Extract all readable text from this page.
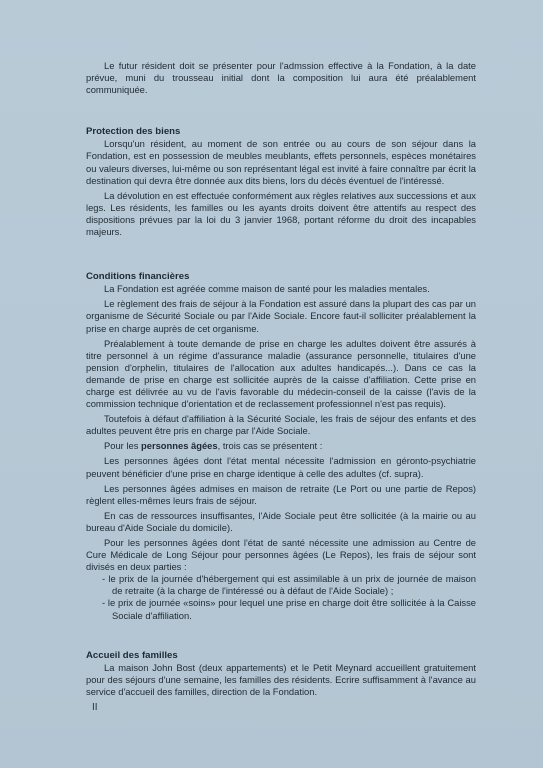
Le futur résident doit se présenter pour l'admssion effective à la Fondation, à la date prévue, muni du trousseau initial dont la composition lui aura été préalablement communiquée.

Protection des biens

Lorsqu'un résident, au moment de son entrée ou au cours de son séjour dans la Fondation, est en possession de meubles meublants, effets personnels, espèces monétaires ou valeurs diverses, lui-même ou son représentant légal est invité à faire connaître par écrit la destination qui devra être donnée aux dits biens, lors du décès éventuel de l'intéressé.

La dévolution en est effectuée conformément aux règles relatives aux successions et aux legs. Les résidents, les familles ou les ayants droits doivent être attentifs au respect des dispositions prévues par la loi du 3 janvier 1968, portant réforme du droit des incapables majeurs.

Conditions financières

La Fondation est agréée comme maison de santé pour les maladies mentales.

Le règlement des frais de séjour à la Fondation est assuré dans la plupart des cas par un organisme de Sécurité Sociale ou par l'Aide Sociale. Encore faut-il solliciter préalablement la prise en charge auprès de cet organisme.

Préalablement à toute demande de prise en charge les adultes doivent être assurés à titre personnel à un régime d'assurance maladie (assurance personnelle, titulaires d'une pension d'orphelin, titulaires de l'allocation aux adultes handicapés...). Dans ce cas la demande de prise en charge est sollicitée auprès de la caisse d'affiliation. Cette prise en charge est délivrée au vu de l'avis favorable du médecin-conseil de la caisse (l'avis de la commission technique d'orientation et de reclassement professionnel n'est pas requis).

Toutefois à défaut d'affiliation à la Sécurité Sociale, les frais de séjour des enfants et des adultes peuvent être pris en charge par l'Aide Sociale.

Pour les personnes âgées, trois cas se présentent :

Les personnes âgées dont l'état mental nécessite l'admission en géronto-psychiatrie peuvent bénéficier d'une prise en charge identique à celle des adultes (cf. supra).

Les personnes âgées admises en maison de retraite (Le Port ou une partie de Repos) règlent elles-mêmes leurs frais de séjour.

En cas de ressources insuffisantes, l'Aide Sociale peut être sollicitée (à la mairie ou au bureau d'Aide Sociale du domicile).

Pour les personnes âgées dont l'état de santé nécessite une admission au Centre de Cure Médicale de Long Séjour pour personnes âgées (Le Repos), les frais de séjour sont divisés en deux parties :

- le prix de la journée d'hébergement qui est assimilable à un prix de journée de maison de retraite (à la charge de l'intéressé ou à défaut de l'Aide Sociale) ;

- le prix de journée «soins» pour lequel une prise en charge doit être sollicitée à la Caisse Sociale d'affiliation.

Accueil des familles

La maison John Bost (deux appartements) et le Petit Meynard accueillent gratuitement pour des séjours d'une semaine, les familles des résidents. Ecrire suffisamment à l'avance au service d'accueil des familles, direction de la Fondation.

II
